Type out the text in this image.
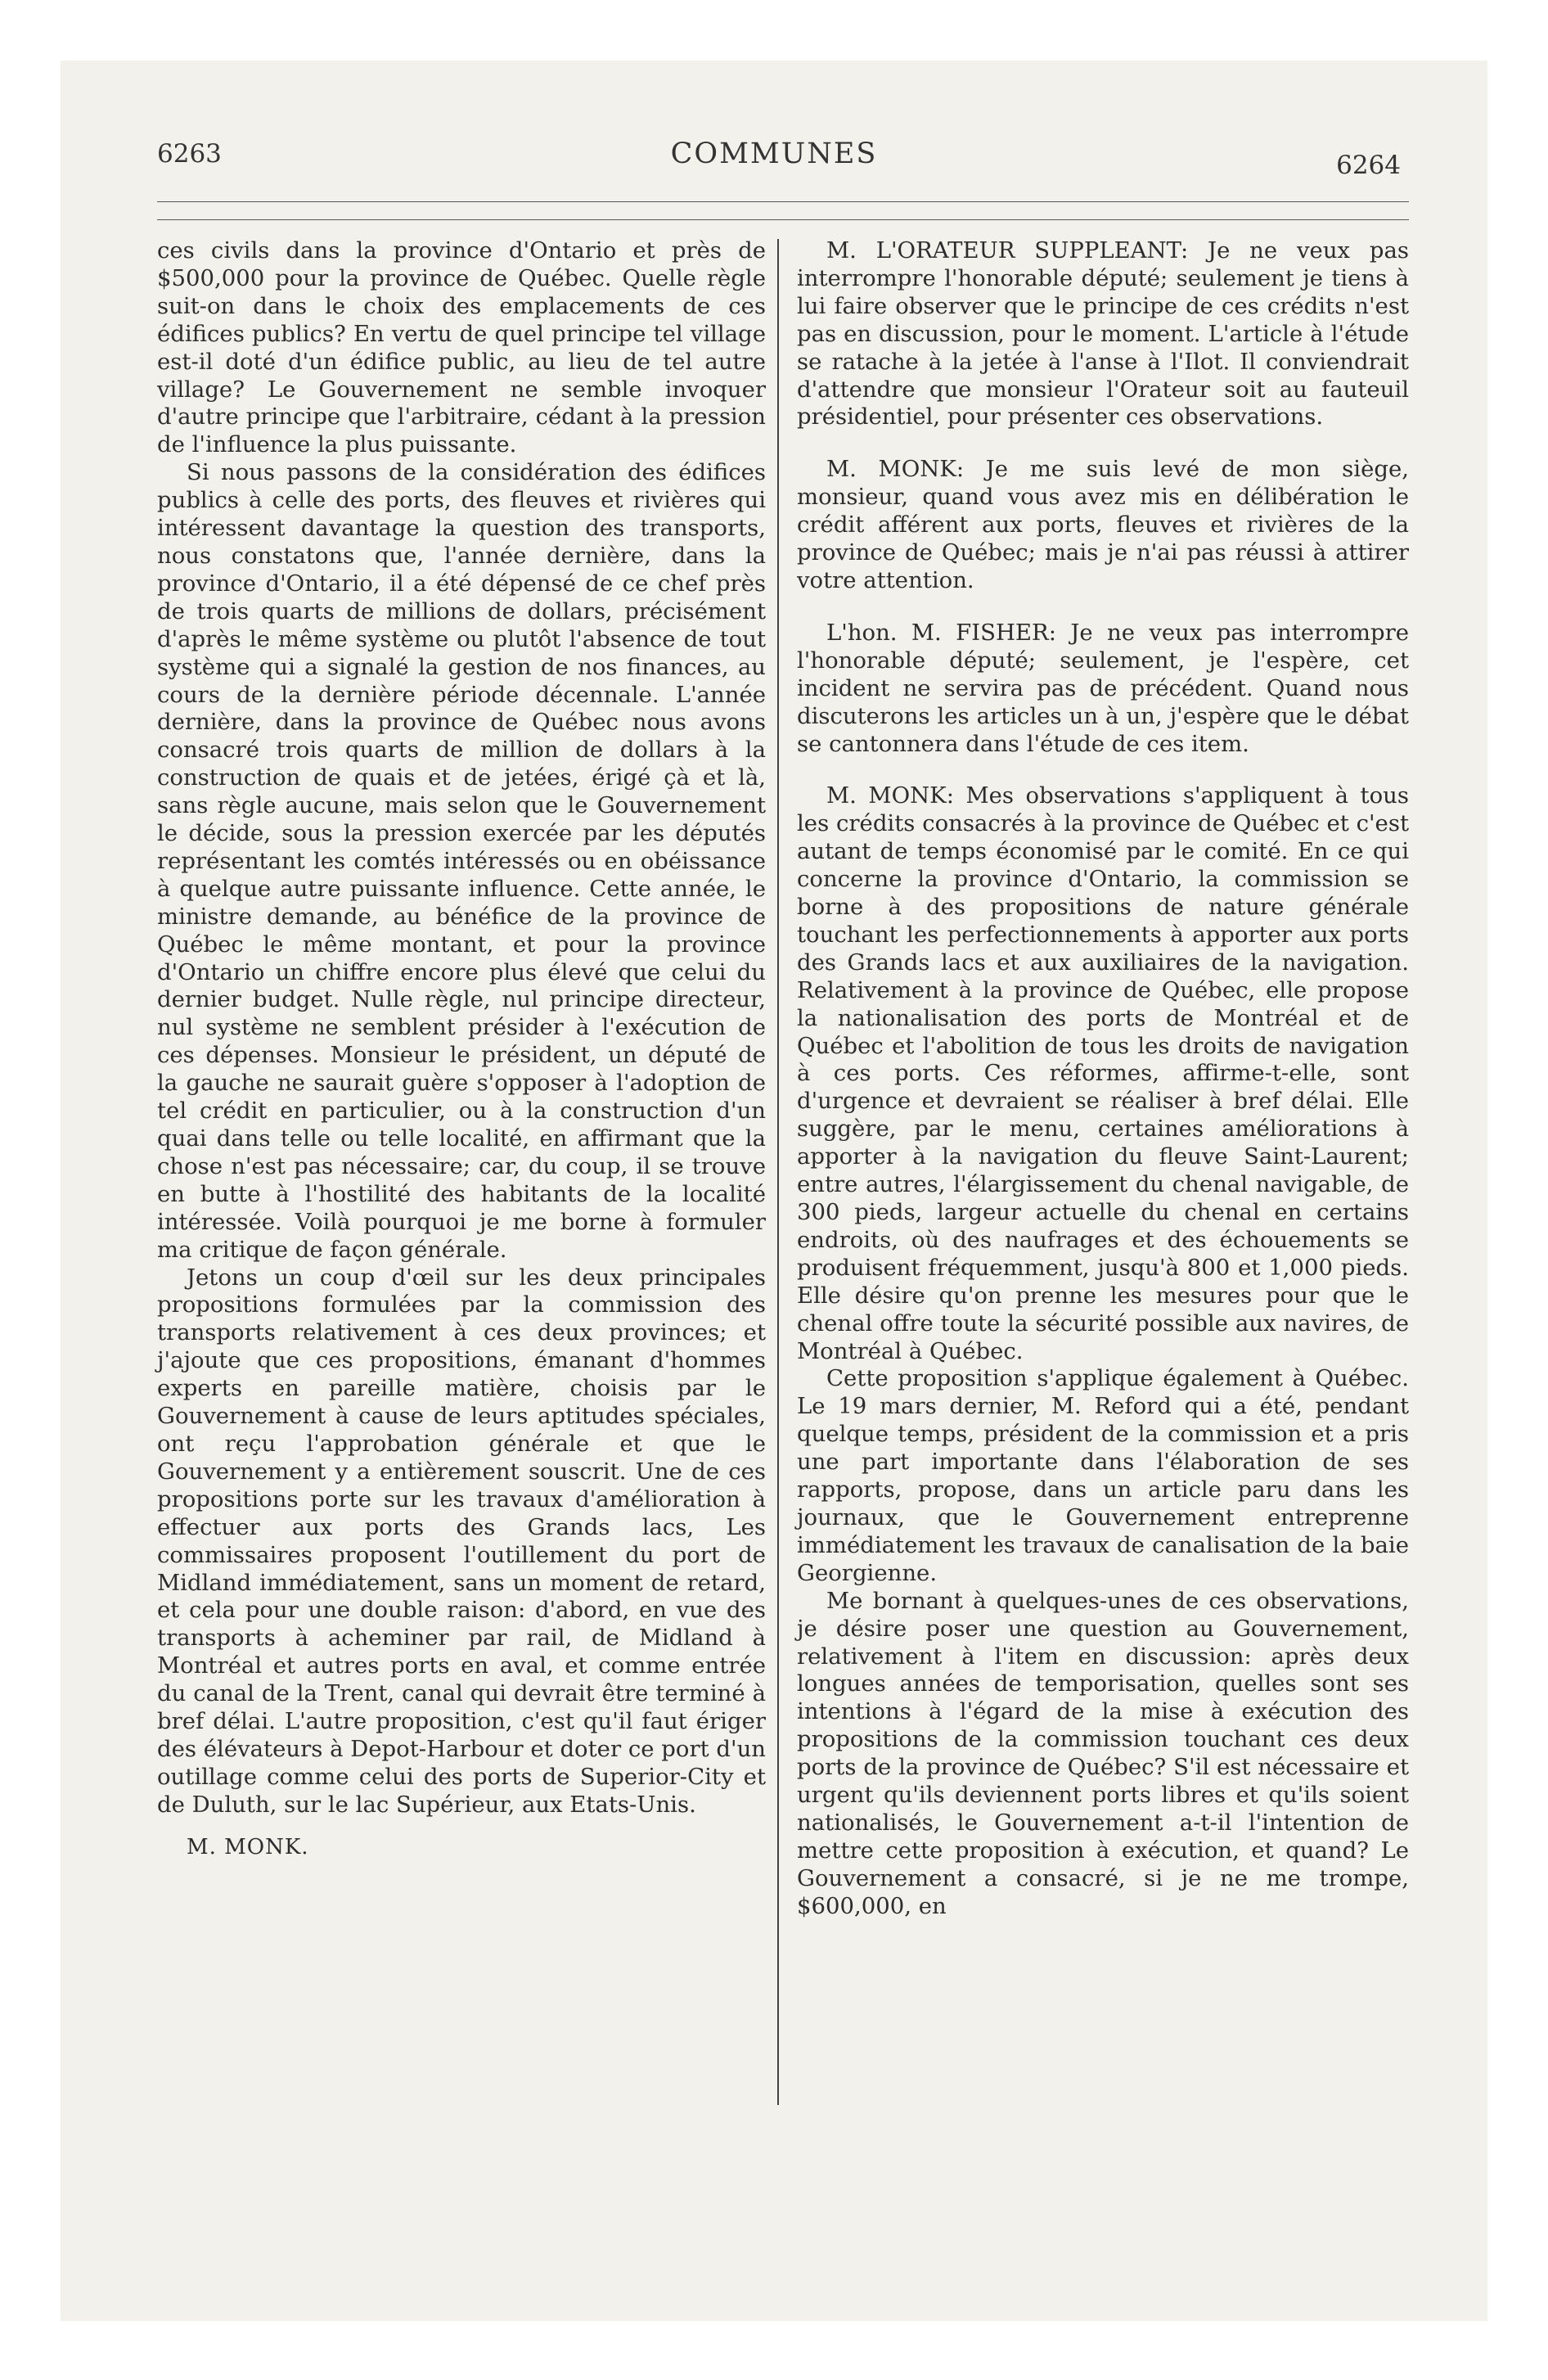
6263	COMMUNES	6264

ces civils dans la province d'Ontario et près de $500,000 pour la province de Québec. Quelle règle suit-on dans le choix des emplacements de ces édifices publics? En vertu de quel principe tel village est-il doté d'un édifice public, au lieu de tel autre village? Le Gouvernement ne semble invoquer d'autre principe que l'arbitraire, cédant à la pression de l'influence la plus puissante.

Si nous passons de la considération des édifices publics à celle des ports, des fleuves et rivières qui intéressent davantage la question des transports, nous constatons que, l'année dernière, dans la province d'Ontario, il a été dépensé de ce chef près de trois quarts de millions de dollars, précisément d'après le même système ou plutôt l'absence de tout système qui a signalé la gestion de nos finances, au cours de la dernière période décennale. L'année dernière, dans la province de Québec nous avons consacré trois quarts de million de dollars à la construction de quais et de jetées, érigé çà et là, sans règle aucune, mais selon que le Gouvernement le décide, sous la pression exercée par les députés représentant les comtés intéressés ou en obéissance à quelque autre puissante influence. Cette année, le ministre demande, au bénéfice de la province de Québec le même montant, et pour la province d'Ontario un chiffre encore plus élevé que celui du dernier budget. Nulle règle, nul principe directeur, nul système ne semblent présider à l'exécution de ces dépenses. Monsieur le président, un député de la gauche ne saurait guère s'opposer à l'adoption de tel crédit en particulier, ou à la construction d'un quai dans telle ou telle localité, en affirmant que la chose n'est pas nécessaire; car, du coup, il se trouve en butte à l'hostilité des habitants de la localité intéressée. Voilà pourquoi je me borne à formuler ma critique de façon générale.

Jetons un coup d'œil sur les deux principales propositions formulées par la commission des transports relativement à ces deux provinces; et j'ajoute que ces propositions, émanant d'hommes experts en pareille matière, choisis par le Gouvernement à cause de leurs aptitudes spéciales, ont reçu l'approbation générale et que le Gouvernement y a entièrement souscrit. Une de ces propositions porte sur les travaux d'amélioration à effectuer aux ports des Grands lacs, Les commissaires proposent l'outillement du port de Midland immédiatement, sans un moment de retard, et cela pour une double raison: d'abord, en vue des transports à acheminer par rail, de Midland à Montréal et autres ports en aval, et comme entrée du canal de la Trent, canal qui devrait être terminé à bref délai. L'autre proposition, c'est qu'il faut ériger des élévateurs à Depot-Harbour et doter ce port d'un outillage comme celui des ports de Superior-City et de Duluth, sur le lac Supérieur, aux Etats-Unis.

M. MONK.

M. L'ORATEUR SUPPLEANT: Je ne veux pas interrompre l'honorable député; seulement je tiens à lui faire observer que le principe de ces crédits n'est pas en discussion, pour le moment. L'article à l'étude se ratache à la jetée à l'anse à l'Ilot. Il conviendrait d'attendre que monsieur l'Orateur soit au fauteuil présidentiel, pour présenter ces observations.

M. MONK: Je me suis levé de mon siège, monsieur, quand vous avez mis en délibération le crédit afférent aux ports, fleuves et rivières de la province de Québec; mais je n'ai pas réussi à attirer votre attention.

L'hon. M. FISHER: Je ne veux pas interrompre l'honorable député; seulement, je l'espère, cet incident ne servira pas de précédent. Quand nous discuterons les articles un à un, j'espère que le débat se cantonnera dans l'étude de ces item.

M. MONK: Mes observations s'appliquent à tous les crédits consacrés à la province de Québec et c'est autant de temps économisé par le comité. En ce qui concerne la province d'Ontario, la commission se borne à des propositions de nature générale touchant les perfectionnements à apporter aux ports des Grands lacs et aux auxiliaires de la navigation. Relativement à la province de Québec, elle propose la nationalisation des ports de Montréal et de Québec et l'abolition de tous les droits de navigation à ces ports. Ces réformes, affirme-t-elle, sont d'urgence et devraient se réaliser à bref délai. Elle suggère, par le menu, certaines améliorations à apporter à la navigation du fleuve Saint-Laurent; entre autres, l'élargissement du chenal navigable, de 300 pieds, largeur actuelle du chenal en certains endroits, où des naufrages et des échouements se produisent fréquemment, jusqu'à 800 et 1,000 pieds. Elle désire qu'on prenne les mesures pour que le chenal offre toute la sécurité possible aux navires, de Montréal à Québec.

Cette proposition s'applique également à Québec. Le 19 mars dernier, M. Reford qui a été, pendant quelque temps, président de la commission et a pris une part importante dans l'élaboration de ses rapports, propose, dans un article paru dans les journaux, que le Gouvernement entreprenne immédiatement les travaux de canalisation de la baie Georgienne.

Me bornant à quelques-unes de ces observations, je désire poser une question au Gouvernement, relativement à l'item en discussion: après deux longues années de temporisation, quelles sont ses intentions à l'égard de la mise à exécution des propositions de la commission touchant ces deux ports de la province de Québec? S'il est nécessaire et urgent qu'ils deviennent ports libres et qu'ils soient nationalisés, le Gouvernement a-t-il l'intention de mettre cette proposition à exécution, et quand? Le Gouvernement a consacré, si je ne me trompe, $600,000, en
